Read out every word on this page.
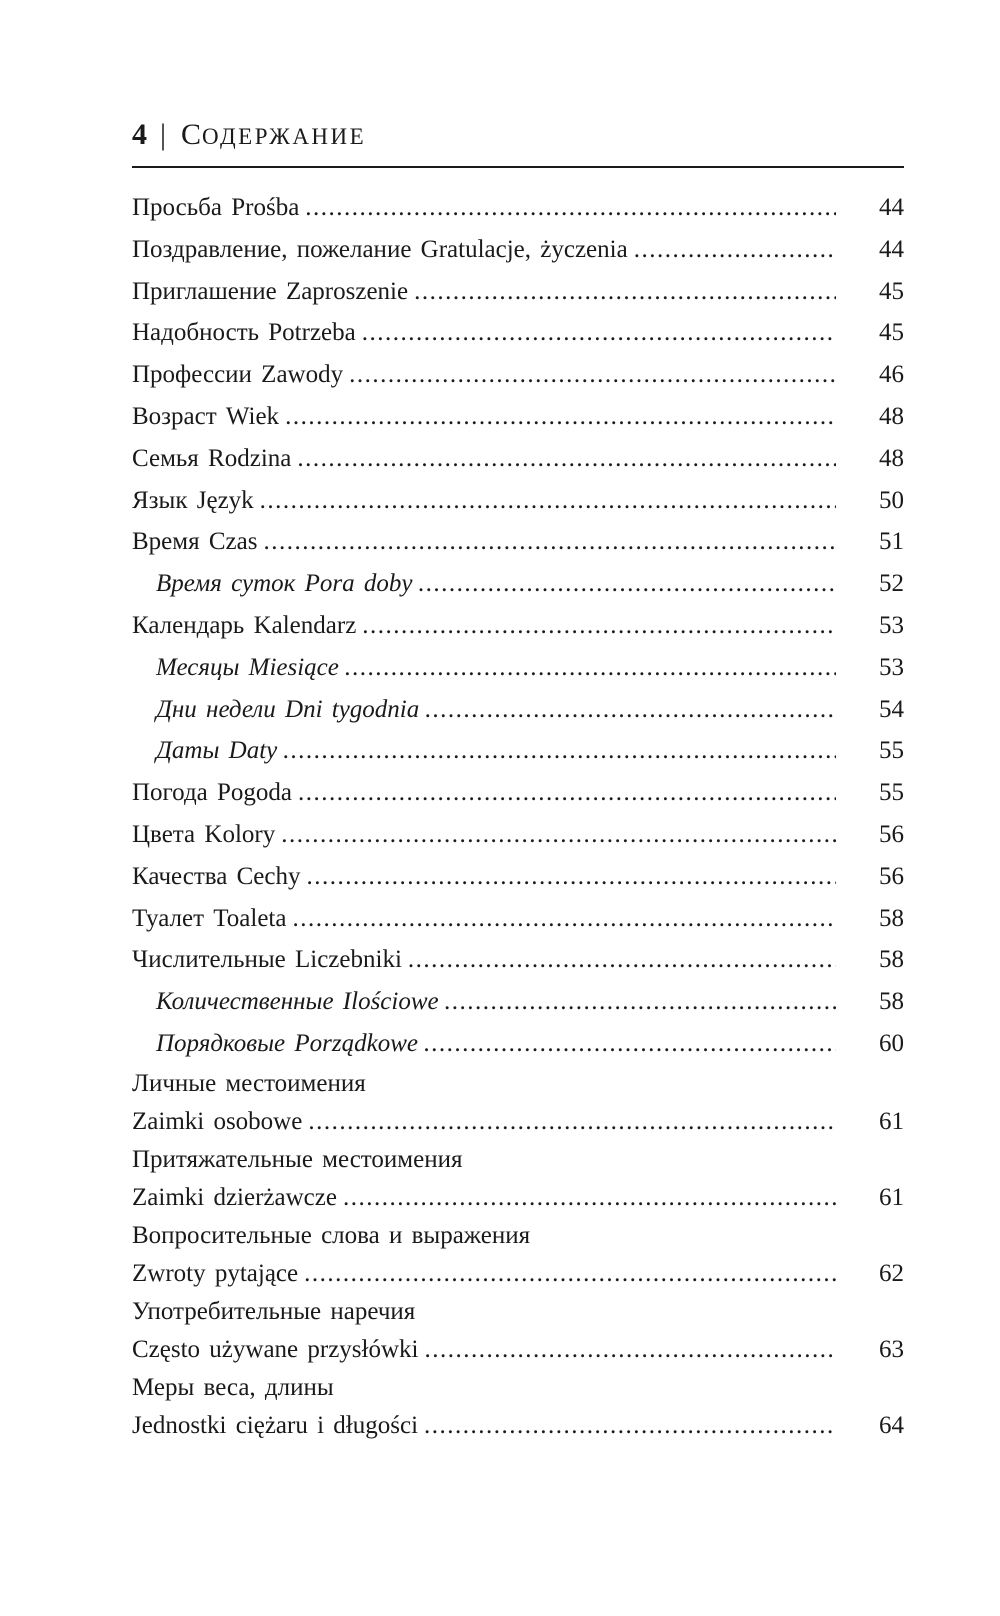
4 | СОДЕРЖАНИЕ
Просьба Prośba .....	44
Поздравление, пожелание Gratulacje, życzenia .....	44
Приглашение Zaproszenie .....	45
Надобность Potrzeba .....	45
Профессии Zawody .....	46
Возраст Wiek .....	48
Семья Rodzina .....	48
Язык Język .....	50
Время Czas .....	51
Время суток Pora doby .....	52
Календарь Kalendarz .....	53
Месяцы Miesiące .....	53
Дни недели Dni tygodnia .....	54
Даты Daty .....	55
Погода Pogoda .....	55
Цвета Kolory .....	56
Качества Cechy .....	56
Туалет Toaleta .....	58
Числительные Liczebniki .....	58
Количественные Ilościowe .....	58
Порядковые Porządkowe .....	60
Личные местоимения
Zaimki osobowe .....	61
Притяжательные местоимения
Zaimki dzierżawcze .....	61
Вопросительные слова и выражения
Zwroty pytające .....	62
Употребительные наречия
Często używane przysłówki .....	63
Меры веса, длины
Jednostki ciężaru i długości .....	64
